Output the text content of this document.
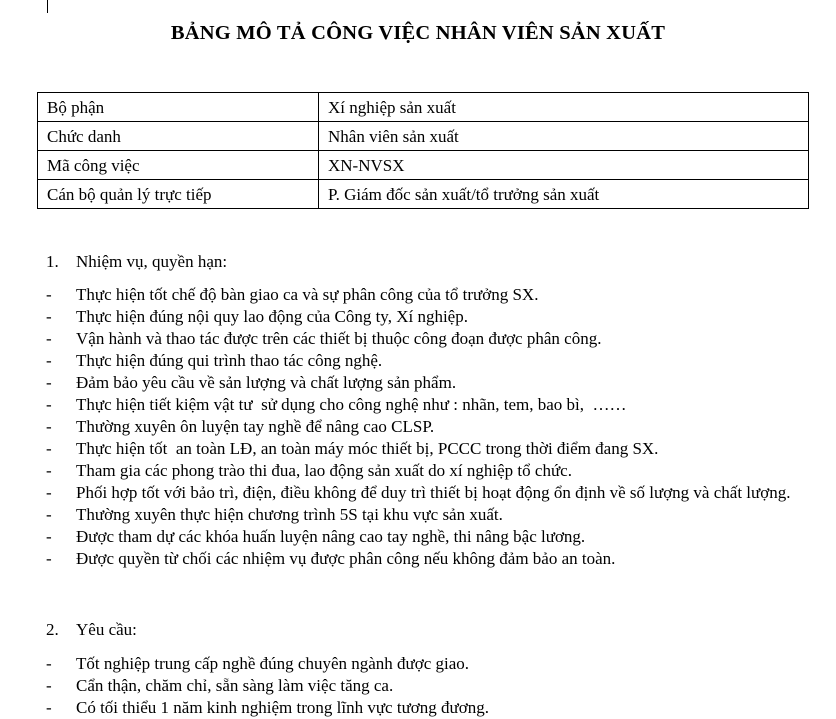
BẢNG MÔ TẢ CÔNG VIỆC NHÂN VIÊN SẢN XUẤT
Bộ phận	Xí nghiệp sản xuất
Chức danh	Nhân viên sản xuất
Mã công việc	XN-NVSX
Cán bộ quản lý trực tiếp	P. Giám đốc sản xuất/tổ trưởng sản xuất
1. Nhiệm vụ, quyền hạn:
- Thực hiện tốt chế độ bàn giao ca và sự phân công của tổ trưởng SX.
- Thực hiện đúng nội quy lao động của Công ty, Xí nghiệp.
- Vận hành và thao tác được trên các thiết bị thuộc công đoạn được phân công.
- Thực hiện đúng qui trình thao tác công nghệ.
- Đảm bảo yêu cầu về sản lượng và chất lượng sản phẩm.
- Thực hiện tiết kiệm vật tư  sử dụng cho công nghệ như : nhãn, tem, bao bì,  ……
- Thường xuyên ôn luyện tay nghề để nâng cao CLSP.
- Thực hiện tốt  an toàn LĐ, an toàn máy móc thiết bị, PCCC trong thời điểm đang SX.
- Tham gia các phong trào thi đua, lao động sản xuất do xí nghiệp tổ chức.
- Phối hợp tốt với bảo trì, điện, điều không để duy trì thiết bị hoạt động ổn định về số lượng và chất lượng.
- Thường xuyên thực hiện chương trình 5S tại khu vực sản xuất.
- Được tham dự các khóa huấn luyện nâng cao tay nghề, thi nâng bậc lương.
- Được quyền từ chối các nhiệm vụ được phân công nếu không đảm bảo an toàn.
2. Yêu cầu:
- Tốt nghiệp trung cấp nghề đúng chuyên ngành được giao.
- Cẩn thận, chăm chỉ, sẵn sàng làm việc tăng ca.
- Có tối thiểu 1 năm kinh nghiệm trong lĩnh vực tương đương.
